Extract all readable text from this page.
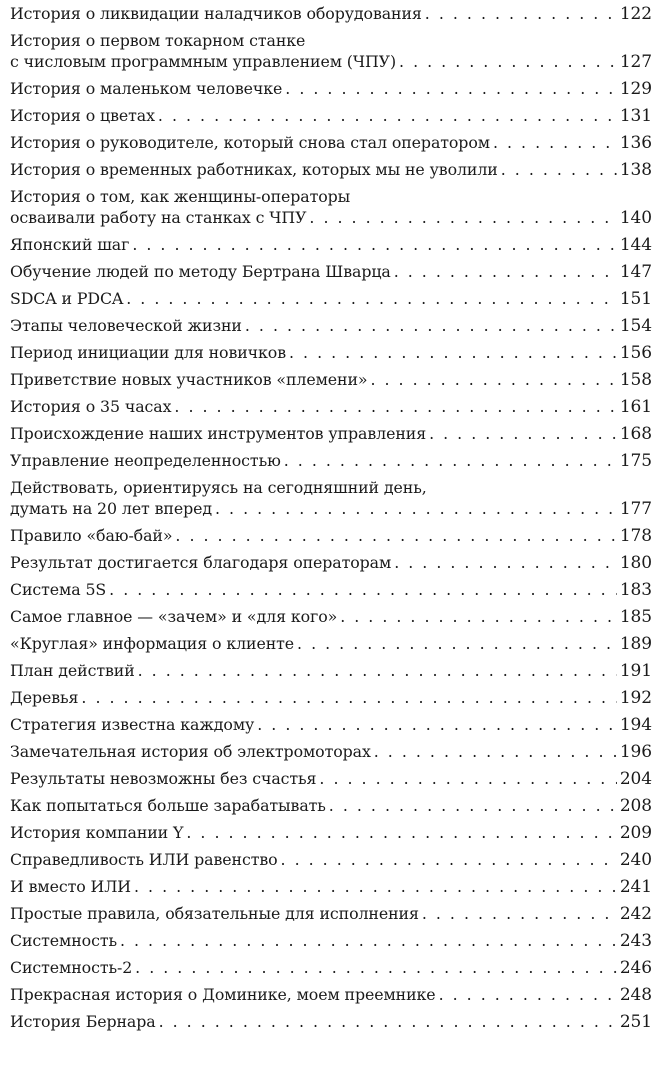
История о ликвидации наладчиков оборудования . . .	122
История о первом токарном станке
с числовым программным управлением (ЧПУ) . . .	127
История о маленьком человечке . . .	129
История о цветах . . .	131
История о руководителе, который снова стал оператором . . .	136
История о временных работниках, которых мы не уволили . . .	138
История о том, как женщины-операторы
осваивали работу на станках с ЧПУ . . .	140
Японский шаг . . .	144
Обучение людей по методу Бертрана Шварца . . .	147
SDCA и PDCA . . .	151
Этапы человеческой жизни . . .	154
Период инициации для новичков . . .	156
Приветствие новых участников «племени» . . .	158
История о 35 часах . . .	161
Происхождение наших инструментов управления . . .	168
Управление неопределенностью . . .	175
Действовать, ориентируясь на сегодняшний день,
думать на 20 лет вперед . . .	177
Правило «баю-бай» . . .	178
Результат достигается благодаря операторам . . .	180
Система 5S . . .	183
Самое главное — «зачем» и «для кого» . . .	185
«Круглая» информация о клиенте . . .	189
План действий . . .	191
Деревья . . .	192
Стратегия известна каждому . . .	194
Замечательная история об электромоторах . . .	196
Результаты невозможны без счастья . . .	204
Как попытаться больше зарабатывать . . .	208
История компании Y . . .	209
Справедливость ИЛИ равенство . . .	240
И вместо ИЛИ . . .	241
Простые правила, обязательные для исполнения . . .	242
Системность . . .	243
Системность-2 . . .	246
Прекрасная история о Доминике, моем преемнике . . .	248
История Бернара . . .	251
